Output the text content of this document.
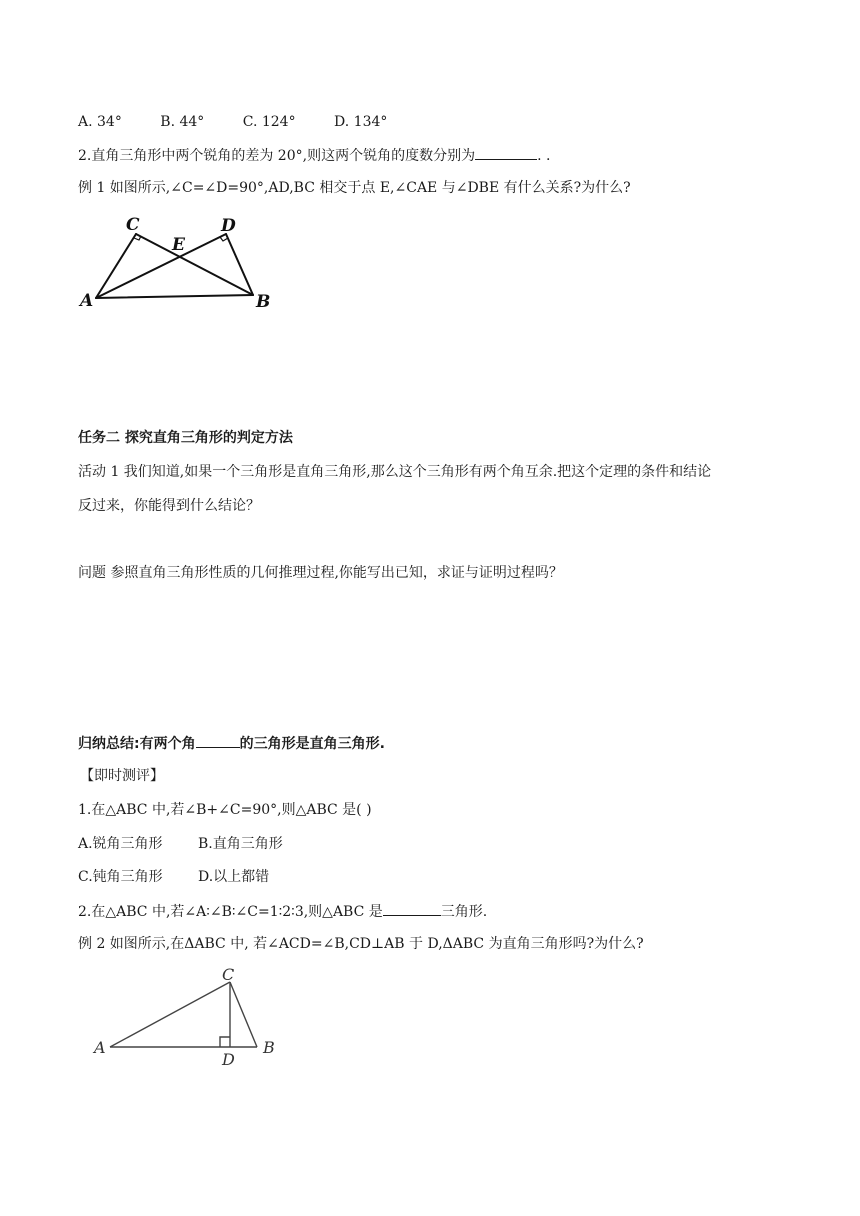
A. 34°	B. 44°	C. 124°	D. 134°
2.直角三角形中两个锐角的差为 20°,则这两个锐角的度数分别为	. .
例 1 如图所示,∠C=∠D=90°,AD,BC 相交于点 E,∠CAE 与∠DBE 有什么关系?为什么?
C	D
E
A	B
任务二 探究直角三角形的判定方法
活动 1 我们知道,如果一个三角形是直角三角形,那么这个三角形有两个角互余.把这个定理的条件和结论
反过来，你能得到什么结论？
问题 参照直角三角形性质的几何推理过程,你能写出已知，求证与证明过程吗？
归纳总结:有两个角	的三角形是直角三角形.
【即时测评】
1.在△ABC 中,若∠B+∠C=90°,则△ABC 是( )
A.锐角三角形	B.直角三角形
C.钝角三角形	D.以上都错
2.在△ABC 中,若∠A∶∠B∶∠C=1∶2∶3,则△ABC 是	三角形.
例 2 如图所示,在ΔABC 中, 若∠ACD=∠B,CD⊥AB 于 D,ΔABC 为直角三角形吗?为什么?
C
A
D
B
